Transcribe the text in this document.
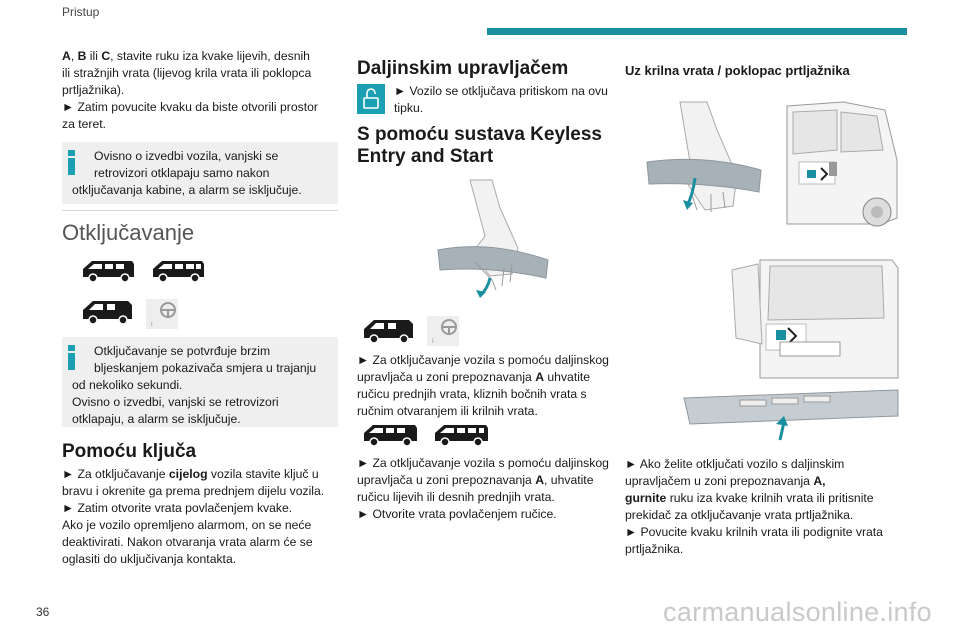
Pristup

A, B ili C, stavite ruku iza kvake lijevih, desnih

ili stražnjih vrata (lijevog krila vrata ili poklopca

prtljažnika).

► Zatim povucite kvaku da biste otvorili prostor

za teret.

Ovisno o izvedbi vozila, vanjski se

retrovizori otklapaju samo nakon

otključavanja kabine, a alarm se isključuje.

Otključavanje
i

Otključavanje se potvrđuje brzim

bljeskanjem pokazivača smjera u trajanju

od nekoliko sekundi.

Ovisno o izvedbi, vanjski se retrovizori

otklapaju, a alarm se isključuje.

Pomoću ključa

► Za otključavanje cijelog vozila stavite ključ u

bravu i okrenite ga prema prednjem dijelu vozila.

► Zatim otvorite vrata povlačenjem kvake.

Ako je vozilo opremljeno alarmom, on se neće

deaktivirati. Nakon otvaranja vrata alarm će se

oglasiti do uključivanja kontakta.

Daljinskim upravljačem

► Vozilo se otključava pritiskom na ovu

tipku.

S pomoću sustava Keyless

Entry and Start

i

► Za otključavanje vozila s pomoću daljinskog

upravljača u zoni prepoznavanja A uhvatite

ručicu prednjih vrata, kliznih bočnih vrata s

ručnim otvaranjem ili krilnih vrata.

► Za otključavanje vozila s pomoću daljinskog

upravljača u zoni prepoznavanja A, uhvatite

ručicu lijevih ili desnih prednjih vrata.

► Otvorite vrata povlačenjem ručice.

Uz krilna vrata / poklopac prtljažnika

► Ako želite otključati vozilo s daljinskim

upravljačem u zoni prepoznavanja A,

gurnite ruku iza kvake krilnih vrata ili pritisnite

prekidač za otključavanje vrata prtljažnika.

► Povucite kvaku krilnih vrata ili podignite vrata

prtljažnika.

36	carmanualsonline.info
